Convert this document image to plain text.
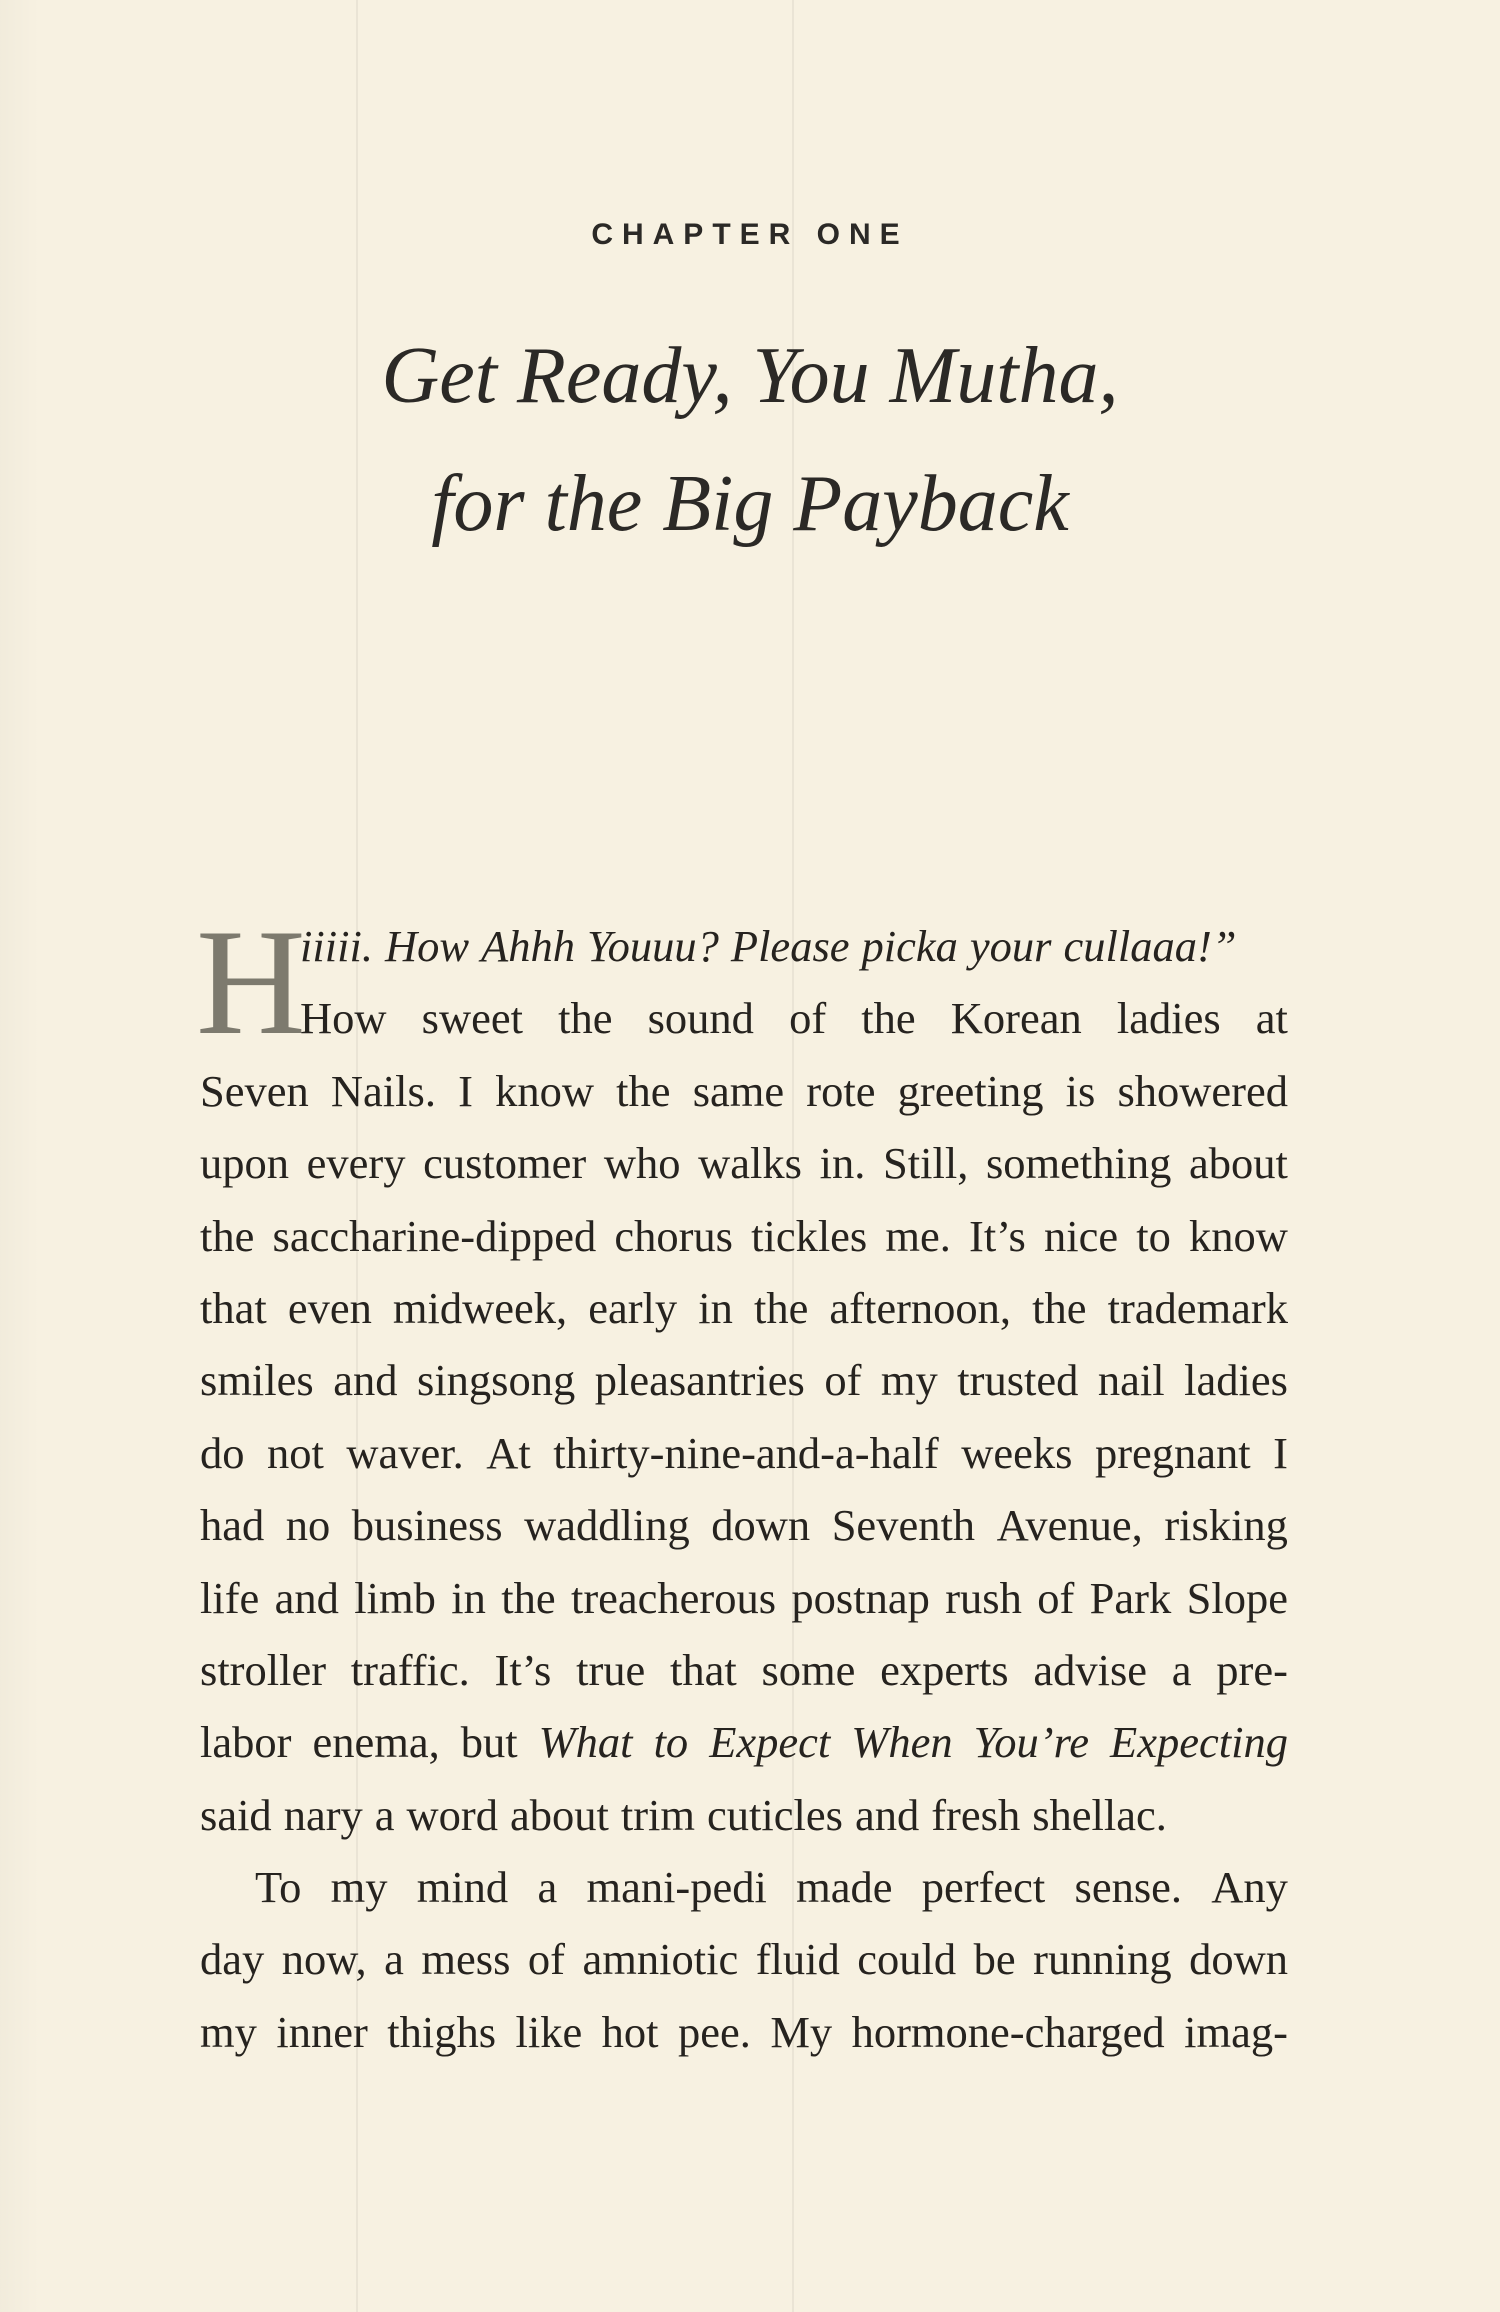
CHAPTER ONE
Get Ready, You Mutha,
for the Big Payback
H
iiiii. How Ahhh Youuu? Please picka your cullaaa!”
How sweet the sound of the Korean ladies at
Seven Nails. I know the same rote greeting is showered
upon every customer who walks in. Still, something about
the saccharine-dipped chorus tickles me. It’s nice to know
that even midweek, early in the afternoon, the trademark
smiles and singsong pleasantries of my trusted nail ladies
do not waver. At thirty-nine-and-a-half weeks pregnant I
had no business waddling down Seventh Avenue, risking
life and limb in the treacherous postnap rush of Park Slope
stroller traffic. It’s true that some experts advise a pre-
labor enema, but What to Expect When You’re Expecting
said nary a word about trim cuticles and fresh shellac.
To my mind a mani-pedi made perfect sense. Any
day now, a mess of amniotic fluid could be running down
my inner thighs like hot pee. My hormone-charged imag-
